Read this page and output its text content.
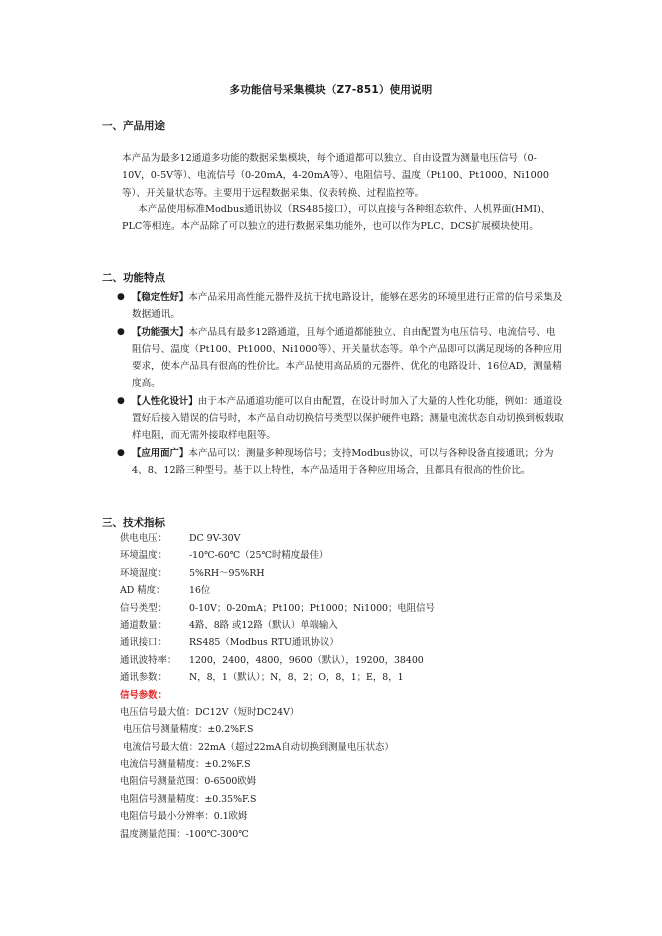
多功能信号采集模块（Z7-851）使用说明
一、产品用途

本产品为最多12通道多功能的数据采集模块，每个通道都可以独立、自由设置为测量电压信号（0-10V，0-5V等）、电流信号（0-20mA，4-20mA等）、电阻信号、温度（Pt100、Pt1000、Ni1000等）、开关量状态等。主要用于远程数据采集、仪表转换、过程监控等。

本产品使用标准Modbus通讯协议（RS485接口），可以直接与各种组态软件、人机界面(HMI)、PLC等相连。本产品除了可以独立的进行数据采集功能外，也可以作为PLC、DCS扩展模块使用。

二、功能特点
● 【稳定性好】本产品采用高性能元器件及抗干扰电路设计，能够在恶劣的环境里进行正常的信号采集及数据通讯。
● 【功能强大】本产品具有最多12路通道，且每个通道都能独立、自由配置为电压信号、电流信号、电阻信号、温度（Pt100、Pt1000、Ni1000等）、开关量状态等。单个产品即可以满足现场的各种应用要求，使本产品具有很高的性价比。本产品使用高品质的元器件、优化的电路设计、16位AD，测量精度高。
● 【人性化设计】由于本产品通道功能可以自由配置，在设计时加入了大量的人性化功能，例如：通道设置好后接入错误的信号时，本产品自动切换信号类型以保护硬件电路；测量电流状态自动切换到板载取样电阻，而无需外接取样电阻等。
● 【应用面广】本产品可以：测量多种现场信号；支持Modbus协议，可以与各种设备直接通讯；分为4、8、12路三种型号。基于以上特性，本产品适用于各种应用场合，且都具有很高的性价比。
三、技术指标
供电电压： DC 9V-30V
环境温度： -10℃-60℃（25℃时精度最佳）
环境湿度： 5%RH～95%RH
AD 精度：	16位
信号类型： 0-10V；0-20mA；Pt100；Pt1000；Ni1000；电阻信号
通道数量： 4路、8路 或12路（默认）单端输入
通讯接口： RS485（Modbus RTU通讯协议）
通讯波特率： 1200，2400，4800，9600（默认），19200，38400
通讯参数： N，8，1（默认）；N，8，2；O，8，1；E，8，1
信号参数：
电压信号最大值：DC12V（短时DC24V）
电压信号测量精度：±0.2%F.S
电流信号最大值：22mA（超过22mA自动切换到测量电压状态）
电流信号测量精度：±0.2%F.S
电阻信号测量范围：0-6500欧姆
电阻信号测量精度：±0.35%F.S
电阻信号最小分辨率：0.1欧姆
温度测量范围：-100℃-300℃
